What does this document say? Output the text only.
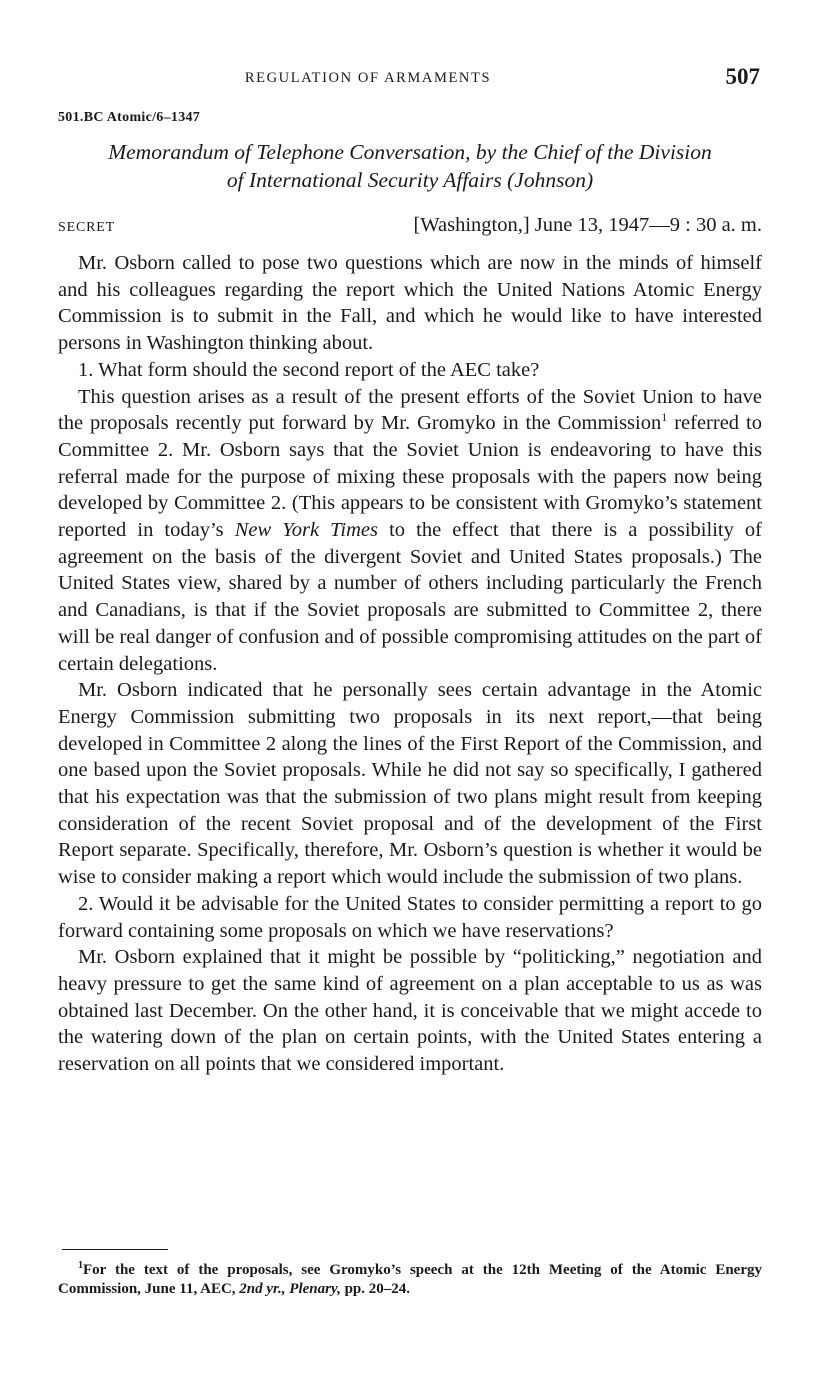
REGULATION OF ARMAMENTS	507
501.BC Atomic/6–1347
Memorandum of Telephone Conversation, by the Chief of the Division
of International Security Affairs (Johnson)
SECRET	[Washington,] June 13, 1947—9 : 30 a. m.

Mr. Osborn called to pose two questions which are now in the minds of himself and his colleagues regarding the report which the United Nations Atomic Energy Commission is to submit in the Fall, and which he would like to have interested persons in Washington thinking about.

1. What form should the second report of the AEC take?

This question arises as a result of the present efforts of the Soviet Union to have the proposals recently put forward by Mr. Gromyko in the Commission$^1$ referred to Committee 2. Mr. Osborn says that the Soviet Union is endeavoring to have this referral made for the purpose of mixing these proposals with the papers now being developed by Committee 2. (This appears to be consistent with Gromyko’s statement reported in today’s New York Times to the effect that there is a possibility of agreement on the basis of the divergent Soviet and United States proposals.) The United States view, shared by a number of others including particularly the French and Canadians, is that if the Soviet proposals are submitted to Committee 2, there will be real danger of confusion and of possible compromising attitudes on the part of certain delegations.

Mr. Osborn indicated that he personally sees certain advantage in the Atomic Energy Commission submitting two proposals in its next report,—that being developed in Committee 2 along the lines of the First Report of the Commission, and one based upon the Soviet proposals. While he did not say so specifically, I gathered that his expectation was that the submission of two plans might result from keeping consideration of the recent Soviet proposal and of the development of the First Report separate. Specifically, therefore, Mr. Osborn’s question is whether it would be wise to consider making a report which would include the submission of two plans.

2. Would it be advisable for the United States to consider permitting a report to go forward containing some proposals on which we have reservations?

Mr. Osborn explained that it might be possible by “politicking,” negotiation and heavy pressure to get the same kind of agreement on a plan acceptable to us as was obtained last December. On the other hand, it is conceivable that we might accede to the watering down of the plan on certain points, with the United States entering a reservation on all points that we considered important.

$^1$For the text of the proposals, see Gromyko’s speech at the 12th Meeting of the Atomic Energy Commission, June 11, AEC, 2nd yr., Plenary, pp. 20–24.
